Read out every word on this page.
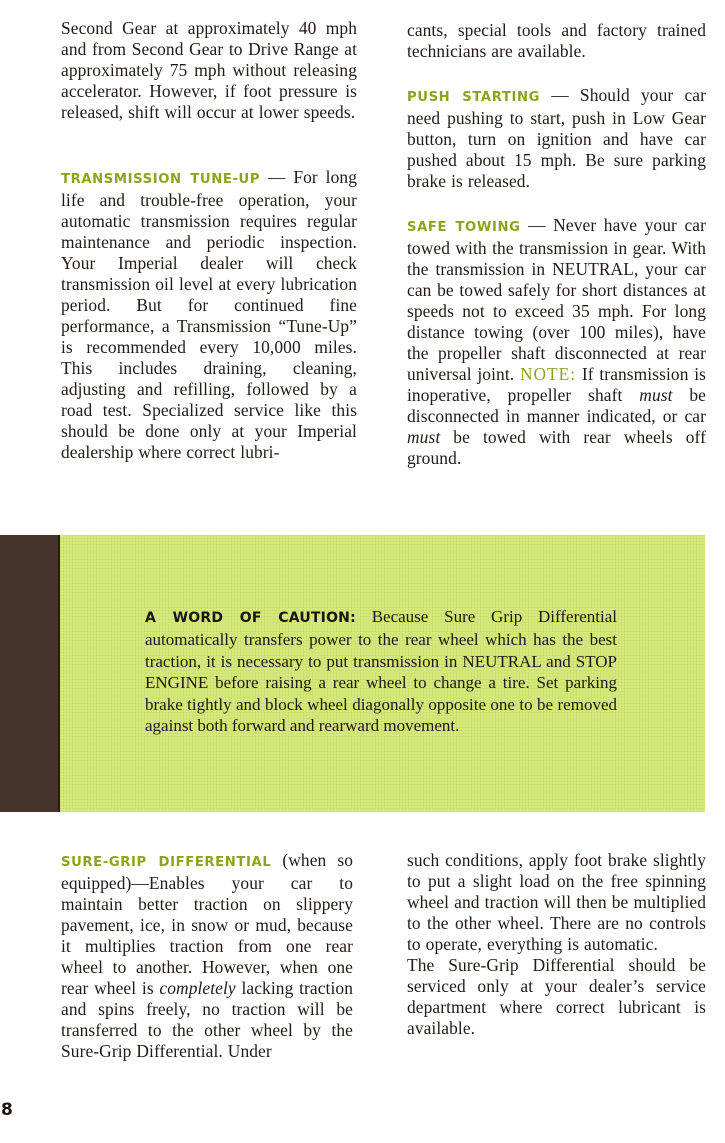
Second Gear at approximately 40 mph and from Second Gear to Drive Range at approximately 75 mph without releasing accelerator. However, if foot pressure is released, shift will occur at lower speeds.

TRANSMISSION TUNE-UP — For long life and trouble-free operation, your automatic transmission requires regular maintenance and periodic inspection. Your Imperial dealer will check transmission oil level at every lubrication period. But for continued fine performance, a Transmission “Tune-Up” is recommended every 10,000 miles. This includes draining, cleaning, adjusting and refilling, followed by a road test. Specialized service like this should be done only at your Imperial dealership where correct lubri-

cants, special tools and factory trained technicians are available.

PUSH STARTING — Should your car need pushing to start, push in Low Gear button, turn on ignition and have car pushed about 15 mph. Be sure parking brake is released.

SAFE TOWING — Never have your car towed with the transmission in gear. With the transmission in NEUTRAL, your car can be towed safely for short distances at speeds not to exceed 35 mph. For long distance towing (over 100 miles), have the propeller shaft disconnected at rear universal joint. NOTE: If transmission is inoperative, propeller shaft must be disconnected in manner indicated, or car must be towed with rear wheels off ground.

A WORD OF CAUTION: Because Sure Grip Differential automatically transfers power to the rear wheel which has the best traction, it is necessary to put transmission in NEUTRAL and STOP ENGINE before raising a rear wheel to change a tire. Set parking brake tightly and block wheel diagonally opposite one to be removed against both forward and rearward movement.

SURE-GRIP DIFFERENTIAL (when so equipped)—Enables your car to maintain better traction on slippery pavement, ice, in snow or mud, because it multiplies traction from one rear wheel to another. However, when one rear wheel is completely lacking traction and spins freely, no traction will be transferred to the other wheel by the Sure-Grip Differential. Under

such conditions, apply foot brake slightly to put a slight load on the free spinning wheel and traction will then be multiplied to the other wheel. There are no controls to operate, everything is automatic.

The Sure-Grip Differential should be serviced only at your dealer’s service department where correct lubricant is available.

8
